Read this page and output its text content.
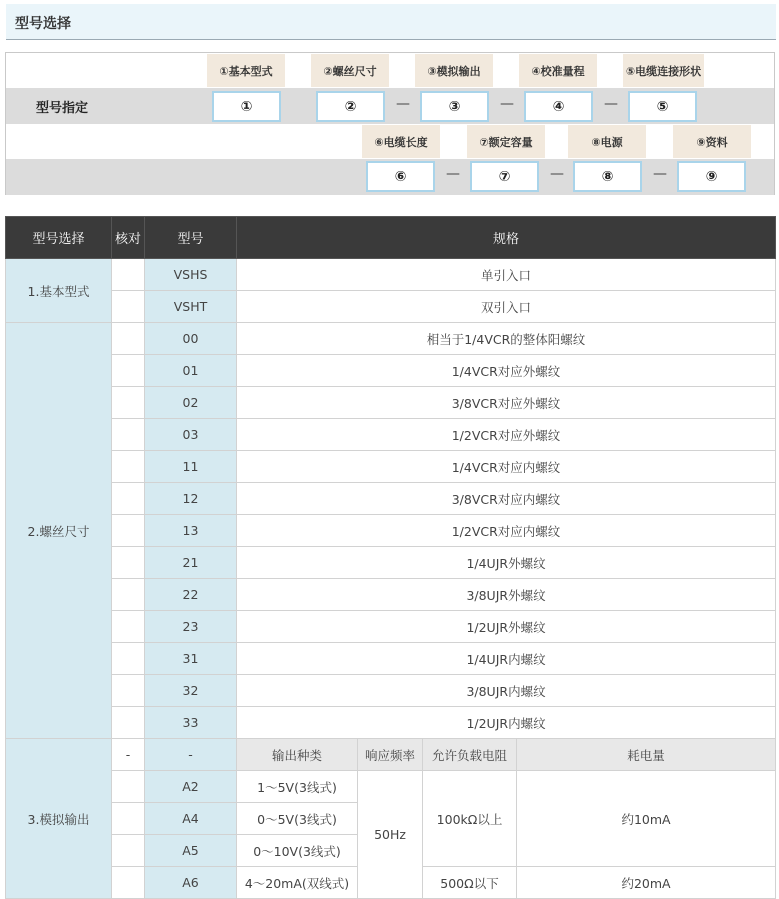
型号选择
型号指定
①基本型式	②螺丝尺寸	③模拟输出	④校准量程	⑤电缆连接形状
①	②	—	③	—	④	—	⑤
⑥电缆长度	⑦额定容量	⑧电源	⑨资料
⑥	—	⑦	—	⑧	—	⑨
型号选择	核对	型号	规格			
1.基本型式		VSHS	单引入口			
		VSHT	双引入口			
2.螺丝尺寸		00	相当于1/4VCR的整体阳螺纹			
		01	1/4VCR对应外螺纹			
		02	3/8VCR对应外螺纹			
		03	1/2VCR对应外螺纹			
		11	1/4VCR对应内螺纹			
		12	3/8VCR对应内螺纹			
		13	1/2VCR对应内螺纹			
		21	1/4UJR外螺纹			
		22	3/8UJR外螺纹			
		23	1/2UJR外螺纹			
		31	1/4UJR内螺纹			
		32	3/8UJR内螺纹			
		33	1/2UJR内螺纹			
3.模拟输出	-	-	输出种类	响应频率	允许负载电阻	耗电量
		A2	1～5V(3线式)	50Hz	100kΩ以上	约10mA
		A4	0～5V(3线式)			
		A5	0～10V(3线式)			
		A6	4～20mA(双线式)		500Ω以下	约20mA
